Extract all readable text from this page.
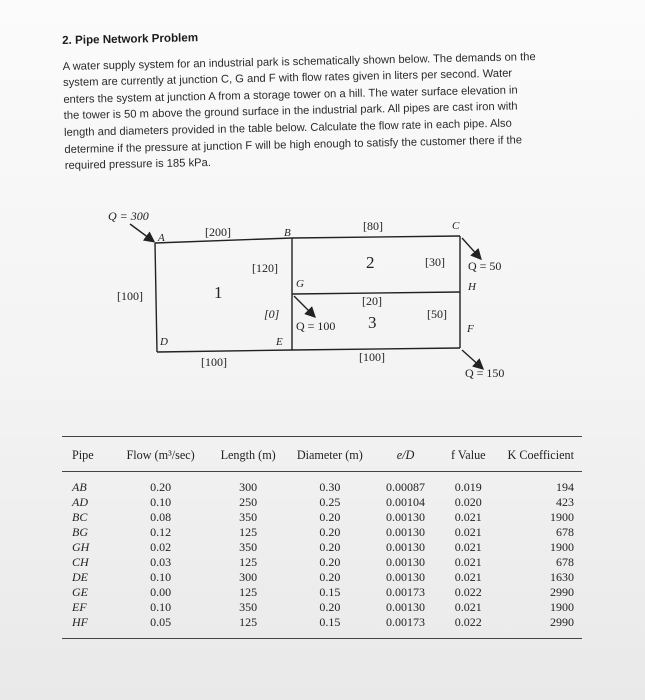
2. Pipe Network Problem
A water supply system for an industrial park is schematically shown below. The demands on the
system are currently at junction C, G and F with flow rates given in liters per second. Water
enters the system at junction A from a storage tower on a hill. The water surface elevation in
the tower is 50 m above the ground surface in the industrial park. All pipes are cast iron with
length and diameters provided in the table below. Calculate the flow rate in each pipe. Also
determine if the pressure at junction F will be high enough to satisfy the customer there if the
required pressure is 185 kPa.
Q = 300
A	B
C
D	E
G	H
F
[200]	[80]
[100]
[100]	[100]
[120]
[0]
[20]
[30]
[50]
1
2
3
Q = 100
Q = 50
Q = 150
Pipe	Flow (m³/sec)	Length (m)	Diameter (m)	e/D	f Value	K Coefficient
AB	0.20	300	0.30	0.00087	0.019	194
AD	0.10	250	0.25	0.00104	0.020	423
BC	0.08	350	0.20	0.00130	0.021	1900
BG	0.12	125	0.20	0.00130	0.021	678
GH	0.02	350	0.20	0.00130	0.021	1900
CH	0.03	125	0.20	0.00130	0.021	678
DE	0.10	300	0.20	0.00130	0.021	1630
GE	0.00	125	0.15	0.00173	0.022	2990
EF	0.10	350	0.20	0.00130	0.021	1900
HF	0.05	125	0.15	0.00173	0.022	2990
